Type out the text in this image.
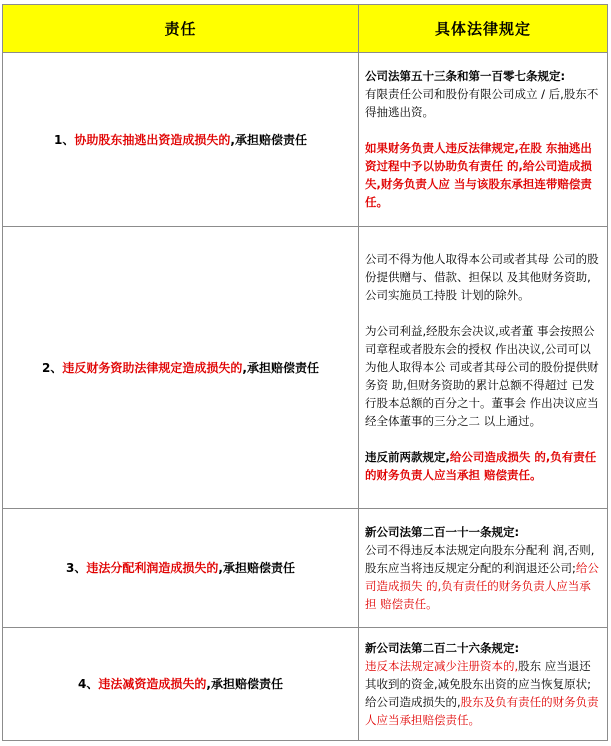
责任	具体法律规定
1、协助股东抽逃出资造成损失的,承担赔偿责任	公司法第五十三条和第一百零七条规定:

有限责任公司和股份有限公司成立 / 后,股东不得抽逃出资。

如果财务负责人违反法律规定,在股 东抽逃出资过程中予以协助负有责任 的,给公司造成损失,财务负责人应 当与该股东承担连带赔偿责任。

2、违反财务资助法律规定造成损失的,承担赔偿责任	公司不得为他人取得本公司或者其母 公司的股份提供赠与、借款、担保以 及其他财务资助,公司实施员工持股 计划的除外。

为公司利益,经股东会决议,或者董 事会按照公司章程或者股东会的授权 作出决议,公司可以为他人取得本公 司或者其母公司的股份提供财务资 助,但财务资助的累计总额不得超过 已发行股本总额的百分之十。董事会 作出决议应当经全体董事的三分之二 以上通过。

违反前两款规定,给公司造成损失 的,负有责任的财务负责人应当承担 赔偿责任。

3、违法分配利润造成损失的,承担赔偿责任	新公司法第二百一十一条规定:

公司不得违反本法规定向股东分配利 润,否则,股东应当将违反规定分配的利润退还公司;给公司造成损失 的,负有责任的财务负责人应当承担 赔偿责任。

4、违法减资造成损失的,承担赔偿责任	新公司法第二百二十六条规定:

违反本法规定减少注册资本的,股东 应当退还其收到的资金,减免股东出资的应当恢复原状;给公司造成损失的,股东及负有责任的财务负责人应当承担赔偿责任。
